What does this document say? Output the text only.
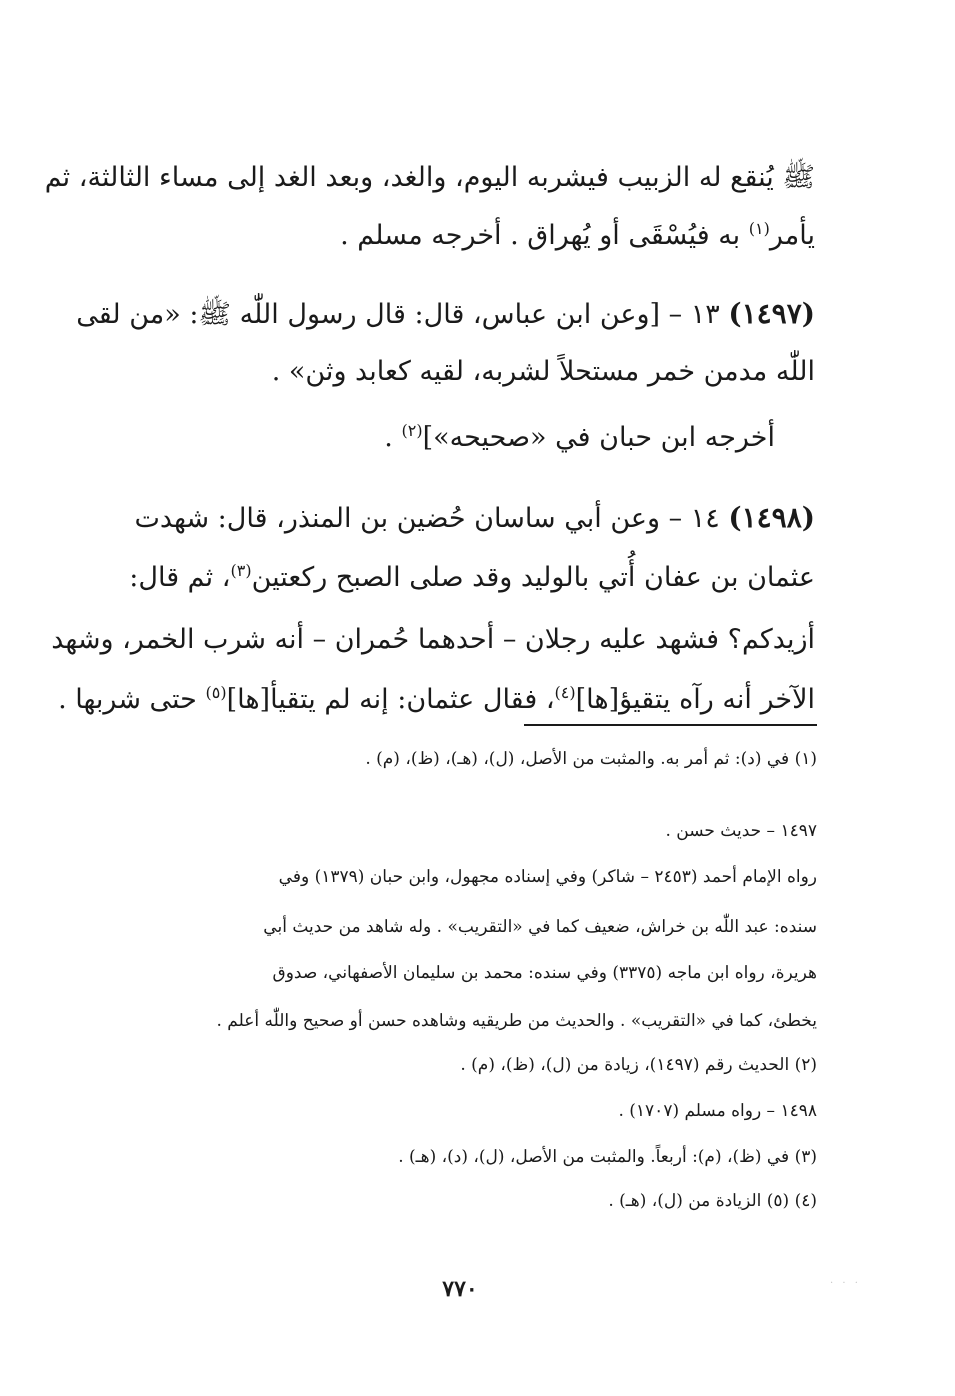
ﷺ يُنقع له الزبيب فيشربه اليوم، والغد، وبعد الغد إلى مساء الثالثة، ثم
يأمر$^{(١)}$ به فيُسْقَى أو يُهراق . أخرجه مسلم .
(١٤٩٧) ١٣ – [وعن ابن عباس، قال: قال رسول اللّٰه ﷺ: «من لقى
اللّٰه مدمن خمر مستحلاً لشربه، لقيه كعابد وثن» .
أخرجه ابن حبان في «صحيحه»]$^{(٢)}$ .
(١٤٩٨) ١٤ – وعن أبي ساسان حُضين بن المنذر، قال: شهدت
عثمان بن عفان أُتي بالوليد وقد صلى الصبح ركعتين$^{(٣)}$، ثم قال:
أزيدكم؟ فشهد عليه رجلان – أحدهما حُمران – أنه شرب الخمر، وشهد
الآخر أنه رآه يتقيؤ[ها]$^{(٤)}$، فقال عثمان: إنه لم يتقيأ[ها]$^{(٥)}$ حتى شربها .
(١) في (د): ثم أمر به. والمثبت من الأصل، (ل)، (هـ)، (ظ)، (م) .
١٤٩٧ – حديث حسن .
رواه الإمام أحمد (٢٤٥٣ – شاكر) وفي إسناده مجهول، وابن حبان (١٣٧٩) وفي
سنده: عبد اللّٰه بن خراش، ضعيف كما في «التقريب» . وله شاهد من حديث أبي
هريرة، رواه ابن ماجه (٣٣٧٥) وفي سنده: محمد بن سليمان الأصفهاني، صدوق
يخطئ، كما في «التقريب» . والحديث من طريقيه وشاهده حسن أو صحيح واللّٰه أعلم .
(٢) الحديث رقم (١٤٩٧)، زيادة من (ل)، (ظ)، (م) .
١٤٩٨ – رواه مسلم (١٧٠٧) .
(٣) في (ظ)، (م): أربعاً. والمثبت من الأصل، (ل)، (د)، (هـ) .
(٤) (٥) الزيادة من (ل)، (هـ) .
٧٧٠	· · ·
